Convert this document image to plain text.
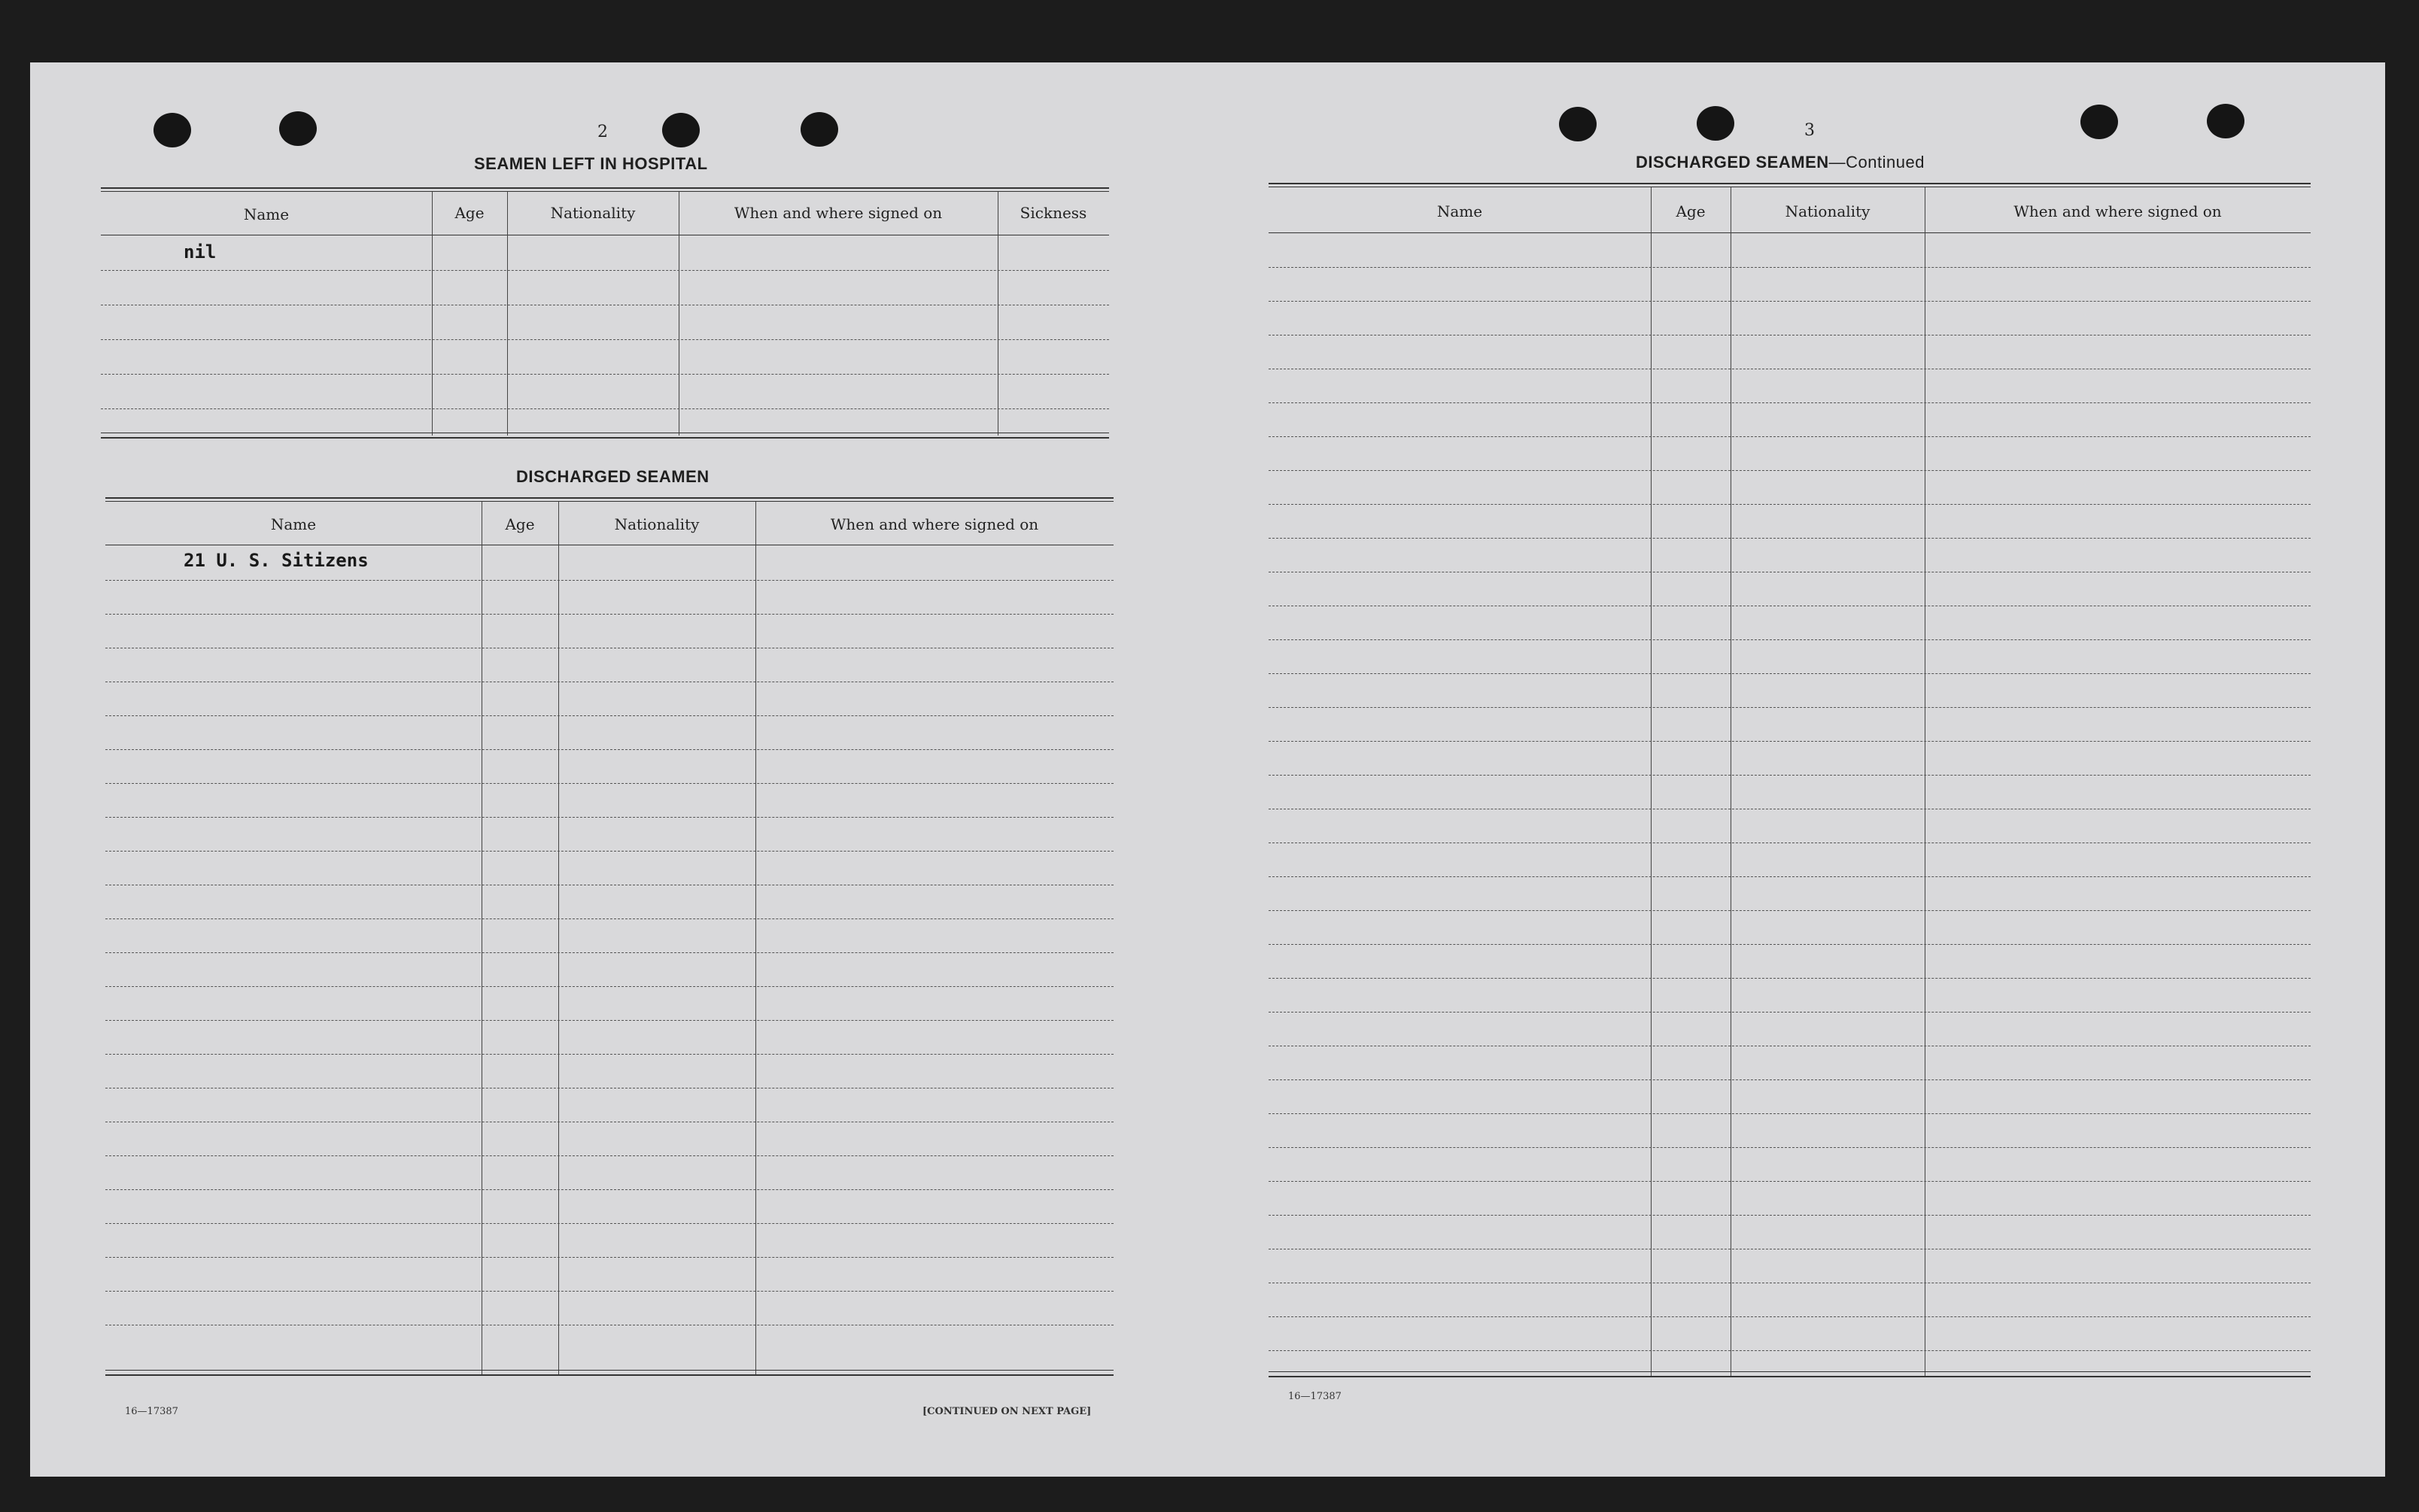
2
SEAMEN LEFT IN HOSPITAL
Name	Age	Nationality	When and where signed on	Sickness
nil
DISCHARGED SEAMEN
Name	Age	Nationality	When and where signed on
21 U. S. Sitizens
16—17387	[CONTINUED ON NEXT PAGE]
3
DISCHARGED SEAMEN—Continued
Name	Age	Nationality	When and where signed on
16—17387
